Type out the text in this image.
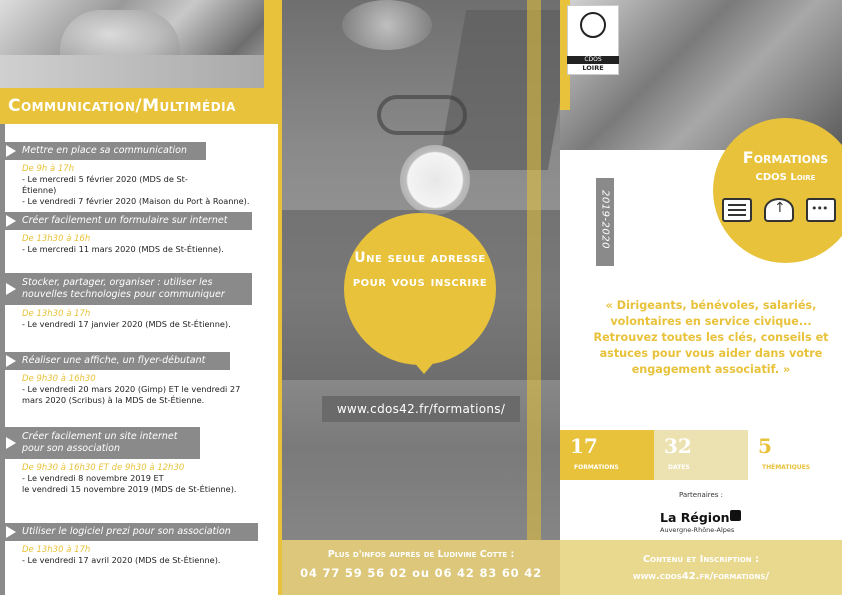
Communication/Multimédia
Mettre en place sa communication
De 9h à 17h
- Le mercredi 5 février 2020 (MDS de St-Étienne)
- Le vendredi 7 février 2020 (Maison du Port à Roanne).
Créer facilement un formulaire sur internet
De 13h30 à 16h
- Le mercredi 11 mars 2020 (MDS de St-Étienne).
Stocker, partager, organiser : utiliser les nouvelles technologies pour communiquer
De 13h30 à 17h
- Le vendredi 17 janvier 2020 (MDS de St-Étienne).
Réaliser une affiche, un flyer-débutant
De 9h30 à 16h30
- Le vendredi 20 mars 2020 (Gimp) ET le vendredi 27
mars 2020 (Scribus) à la MDS de St-Étienne.
Créer facilement un site internet pour son association
De 9h30 à 16h30 ET de 9h30 à 12h30
- Le vendredi 8 novembre 2019 ET
le vendredi 15 novembre 2019 (MDS de St-Étienne).
Utiliser le logiciel prezi pour son association
De 13h30 à 17h
- Le vendredi 17 avril 2020 (MDS de St-Étienne).
Une seule adresse pour vous inscrire
www.cdos42.fr/formations/
Plus d'infos auprès de Ludivine Cotte :
04 77 59 56 02 ou 06 42 83 60 42
CDOS
LOIRE
2019-2020
Formations
CDOS Loire
↑
•••
« Dirigeants, bénévoles, salariés, volontaires en service civique... Retrouvez toutes les clés, conseils et astuces pour vous aider dans votre engagement associatif. »
17
formations
32
dates
5
thématiques
Partenaires :
La Région
Auvergne-Rhône-Alpes
Contenu et Inscription :
www.cdos42.fr/formations/
